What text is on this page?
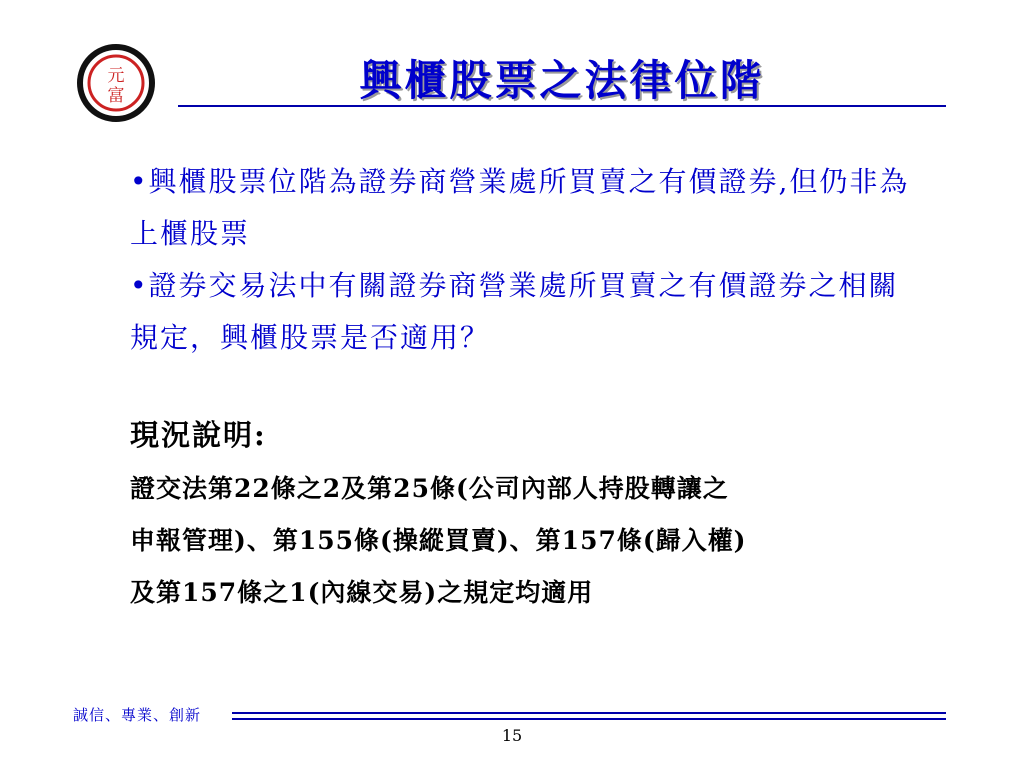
元
富	興櫃股票之法律位階

•興櫃股票位階為證券商營業處所買賣之有價證券,但仍非為上櫃股票

•證券交易法中有關證券商營業處所買賣之有價證券之相關規定，興櫃股票是否適用？

現況說明:

證交法第22條之2及第25條(公司內部人持股轉讓之

申報管理)、第155條(操縱買賣)、第157條(歸入權)

及第157條之1(內線交易)之規定均適用

誠信、專業、創新
15
